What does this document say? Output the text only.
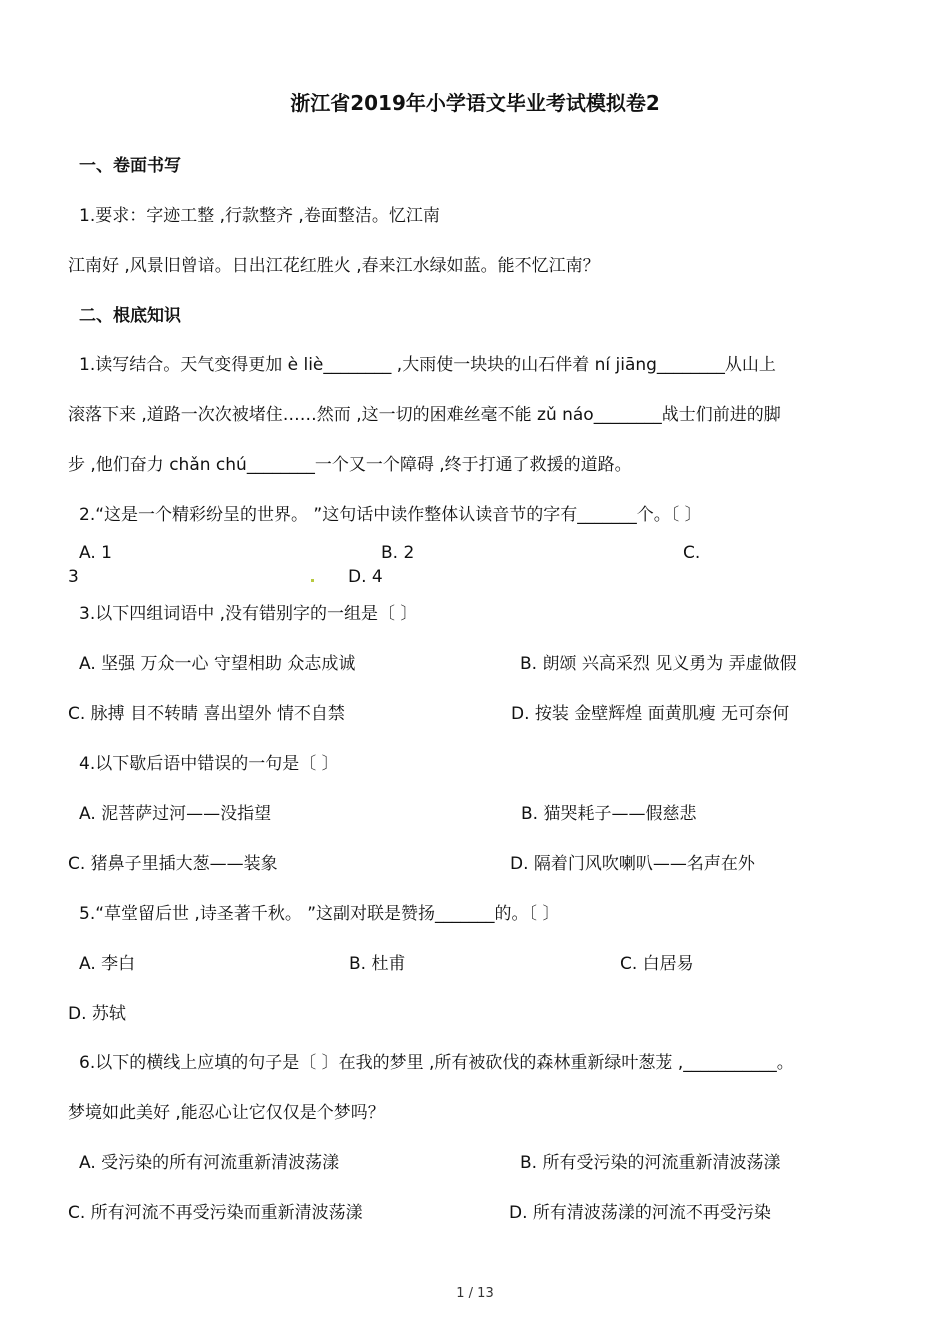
浙江省2019年小学语文毕业考试模拟卷2
一、卷面书写
1.要求：字迹工整 ,行款整齐 ,卷面整洁。忆江南
江南好 ,风景旧曾谙。日出江花红胜火 ,春来江水绿如蓝。能不忆江南？
二、根底知识
1.读写结合。天气变得更加 è liè________ ,大雨使一块块的山石伴着 ní jiāng________从山上
滚落下来 ,道路一次次被堵住……然而 ,这一切的困难丝毫不能 zǔ náo________战士们前进的脚
步 ,他们奋力 chǎn chú________一个又一个障碍 ,终于打通了救援的道路。
2.“这是一个精彩纷呈的世界。 ”这句话中读作整体认读音节的字有_______个。〔 〕
A. 1	B. 2	C.
3	D. 4
3.以下四组词语中 ,没有错别字的一组是〔 〕
A. 坚强 万众一心 守望相助 众志成诚	B. 朗颂 兴高采烈 见义勇为 弄虚做假
C. 脉搏 目不转睛 喜出望外 情不自禁	D. 按装 金壁辉煌 面黄肌瘦 无可奈何
4.以下歇后语中错误的一句是〔 〕
A. 泥菩萨过河——没指望	B. 猫哭耗子——假慈悲
C. 猪鼻子里插大葱——装象	D. 隔着门风吹喇叭——名声在外
5.“草堂留后世 ,诗圣著千秋。 ”这副对联是赞扬_______的。〔 〕
A. 李白	B. 杜甫	C. 白居易
D. 苏轼
6.以下的横线上应填的句子是〔 〕在我的梦里 ,所有被砍伐的森林重新绿叶葱茏 ,___________。
梦境如此美好 ,能忍心让它仅仅是个梦吗？
A. 受污染的所有河流重新清波荡漾	B. 所有受污染的河流重新清波荡漾
C. 所有河流不再受污染而重新清波荡漾	D. 所有清波荡漾的河流不再受污染
1 / 13
